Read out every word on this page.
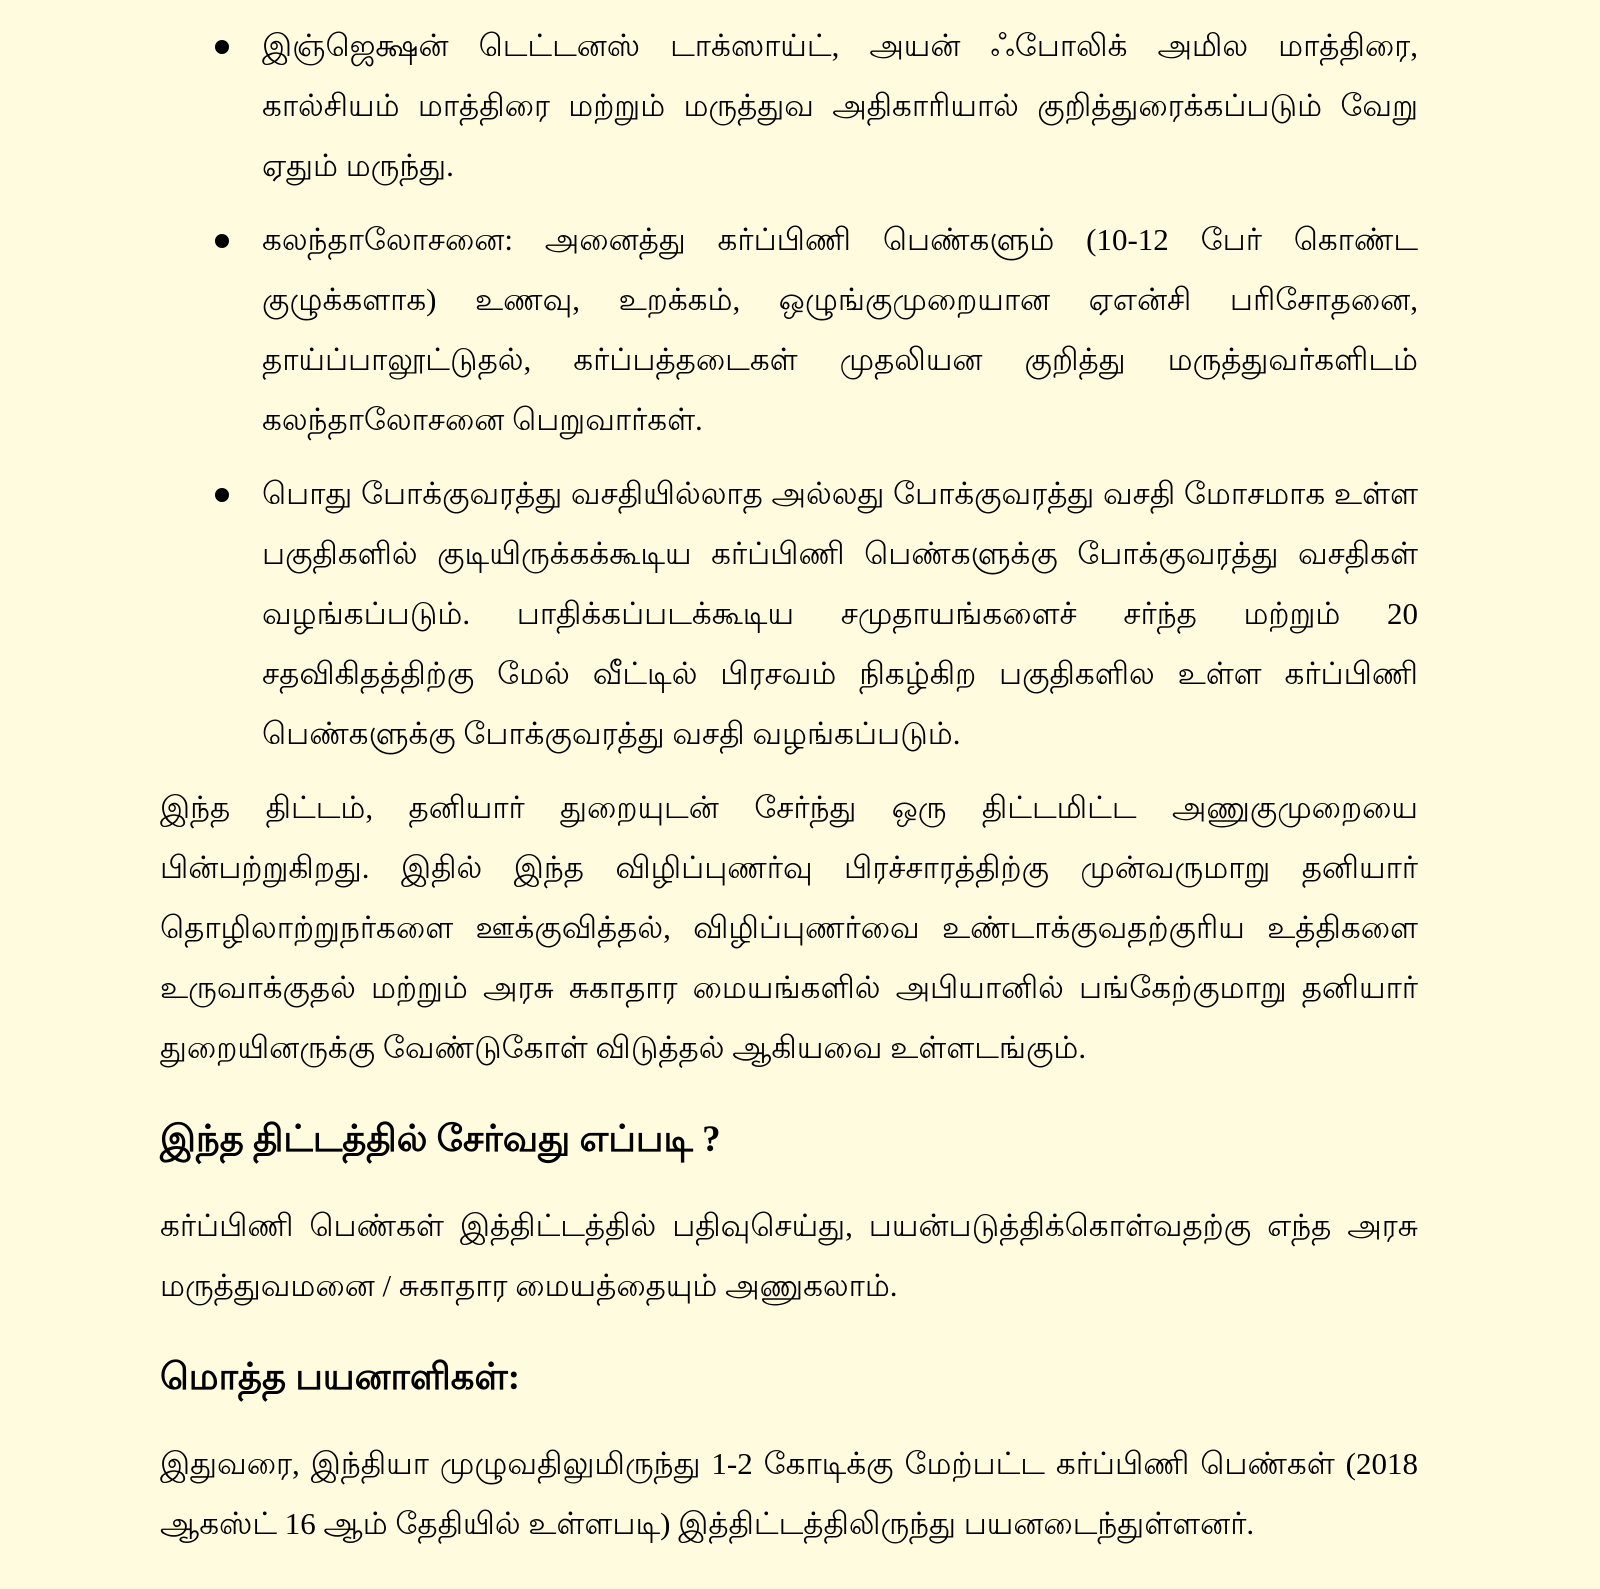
இஞ்ஜெக்ஷன் டெட்டனஸ் டாக்ஸாய்ட், அயன் ஃபோலிக் அமில மாத்திரை, கால்சியம் மாத்திரை மற்றும் மருத்துவ அதிகாரியால் குறித்துரைக்கப்படும் வேறு ஏதும் மருந்து.
கலந்தாலோசனை: அனைத்து கர்ப்பிணி பெண்களும் (10-12 பேர் கொண்ட குழுக்களாக) உணவு, உறக்கம், ஒழுங்குமுறையான ஏஎன்சி பரிசோதனை, தாய்ப்பாலூட்டுதல், கர்ப்பத்தடைகள் முதலியன குறித்து மருத்துவர்களிடம் கலந்தாலோசனை பெறுவார்கள்.
பொது போக்குவரத்து வசதியில்லாத அல்லது போக்குவரத்து வசதி மோசமாக உள்ள பகுதிகளில் குடியிருக்கக்கூடிய கர்ப்பிணி பெண்களுக்கு போக்குவரத்து வசதிகள் வழங்கப்படும். பாதிக்கப்படக்கூடிய சமுதாயங்களைச் சர்ந்த மற்றும் 20 சதவிகிதத்திற்கு மேல் வீட்டில் பிரசவம் நிகழ்கிற பகுதிகளில உள்ள கர்ப்பிணி பெண்களுக்கு போக்குவரத்து வசதி வழங்கப்படும்.

இந்த திட்டம், தனியார் துறையுடன் சேர்ந்து ஒரு திட்டமிட்ட அணுகுமுறையை பின்பற்றுகிறது. இதில் இந்த விழிப்புணர்வு பிரச்சாரத்திற்கு முன்வருமாறு தனியார் தொழிலாற்றுநர்களை ஊக்குவித்தல், விழிப்புணர்வை உண்டாக்குவதற்குரிய உத்திகளை உருவாக்குதல் மற்றும் அரசு சுகாதார மையங்களில் அபியானில் பங்கேற்குமாறு தனியார் துறையினருக்கு வேண்டுகோள் விடுத்தல் ஆகியவை உள்ளடங்கும்.

இந்த திட்டத்தில் சேர்வது எப்படி ?

கர்ப்பிணி பெண்கள் இத்திட்டத்தில் பதிவுசெய்து, பயன்படுத்திக்கொள்வதற்கு எந்த அரசு மருத்துவமனை / சுகாதார மையத்தையும் அணுகலாம்.

மொத்த பயனாளிகள்:

இதுவரை, இந்தியா முழுவதிலுமிருந்து 1-2 கோடிக்கு மேற்பட்ட கர்ப்பிணி பெண்கள் (2018 ஆகஸ்ட் 16 ஆம் தேதியில் உள்ளபடி) இத்திட்டத்திலிருந்து பயனடைந்துள்ளனர்.
